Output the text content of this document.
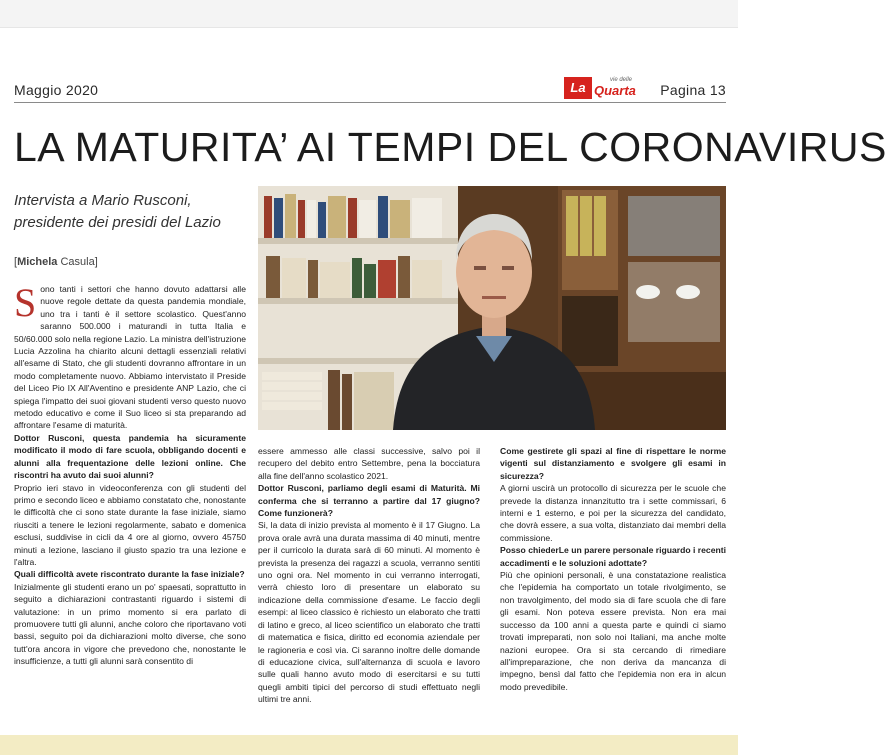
Maggio 2020	La	vie delle
Quarta Pagina 13
LA MATURITA’ AI TEMPI DEL CORONAVIRUS
Intervista a Mario Rusconi, presidente dei presidi del Lazio
[Michela Casula]
S ono tanti i settori che hanno dovuto adattarsi alle nuove regole dettate da questa pandemia mondiale, uno tra i tanti è il settore scolastico. Quest'anno saranno 500.000 i maturandi in tutta Italia e 50/60.000 solo nella regione Lazio. La ministra dell'istruzione Lucia Azzolina ha chiarito alcuni dettagli essenziali relativi all'esame di Stato, che gli studenti dovranno affrontare in un modo completamente nuovo. Abbiamo intervistato il Preside del Liceo Pio IX All'Aventino e presidente ANP Lazio, che ci spiega l'impatto dei suoi giovani studenti verso questo nuovo metodo educativo e come il Suo liceo si sta preparando ad affrontare l'esame di maturità.

Dottor Rusconi, questa pandemia ha sicuramente modificato il modo di fare scuola, obbligando docenti e alunni alla frequentazione delle lezioni online. Che riscontri ha avuto dai suoi alunni?

Proprio ieri stavo in videoconferenza con gli studenti del primo e secondo liceo e abbiamo constatato che, nonostante le difficoltà che ci sono state durante la fase iniziale, siamo riusciti a tenere le lezioni regolarmente, sabato e domenica esclusi, suddivise in cicli da 4 ore al giorno, ovvero 45750 minuti a lezione, lasciano il giusto spazio tra una lezione e l'altra.

Quali difficoltà avete riscontrato durante la fase iniziale?

Inizialmente gli studenti erano un po' spaesati, soprattutto in seguito a dichiarazioni contrastanti riguardo i sistemi di valutazione: in un primo momento si era parlato di promuovere tutti gli alunni, anche coloro che riportavano voti bassi, seguito poi da dichiarazioni molto diverse, che sono tutt'ora ancora in vigore che prevedono che, nonostante le insufficienze, a tutti gli alunni sarà consentito di

essere ammesso alle classi successive, salvo poi il recupero del debito entro Settembre, pena la bocciatura alla fine dell'anno scolastico 2021.

Dottor Rusconi, parliamo degli esami di Maturità. Mi conferma che si terranno a partire dal 17 giugno? Come funzionerà?

Si, la data di inizio prevista al momento è il 17 Giugno. La prova orale avrà una durata massima di 40 minuti, mentre per il curricolo la durata sarà di 60 minuti. Al momento è prevista la presenza dei ragazzi a scuola, verranno sentiti uno ogni ora. Nel momento in cui verranno interrogati, verrà chiesto loro di presentare un elaborato su indicazione della commissione d'esame. Le faccio degli esempi: al liceo classico è richiesto un elaborato che tratti di latino e greco, al liceo scientifico un elaborato che tratti di matematica e fisica, diritto ed economia aziendale per le ragioneria e così via. Ci saranno inoltre delle domande di educazione civica, sull'alternanza di scuola e lavoro sulle quali hanno avuto modo di esercitarsi e su tutti quegli ambiti tipici del percorso di studi effettuato negli ultimi tre anni.

Come gestirete gli spazi al fine di rispettare le norme vigenti sul distanziamento e svolgere gli esami in sicurezza?

A giorni uscirà un protocollo di sicurezza per le scuole che prevede la distanza innanzitutto tra i sette commissari, 6 interni e 1 esterno, e poi per la sicurezza del candidato, che dovrà essere, a sua volta, distanziato dai membri della commissione.

Posso chiederLe un parere personale riguardo i recenti accadimenti e le soluzioni adottate?

Più che opinioni personali, è una constatazione realistica che l'epidemia ha comportato un totale rivolgimento, se non travolgimento, del modo sia di fare scuola che di fare gli esami. Non poteva essere prevista. Non era mai successo da 100 anni a questa parte e quindi ci siamo trovati impreparati, non solo noi Italiani, ma anche molte nazioni europee. Ora si sta cercando di rimediare all'impreparazione, che non deriva da mancanza di impegno, bensì dal fatto che l'epidemia non era in alcun modo prevedibile.
